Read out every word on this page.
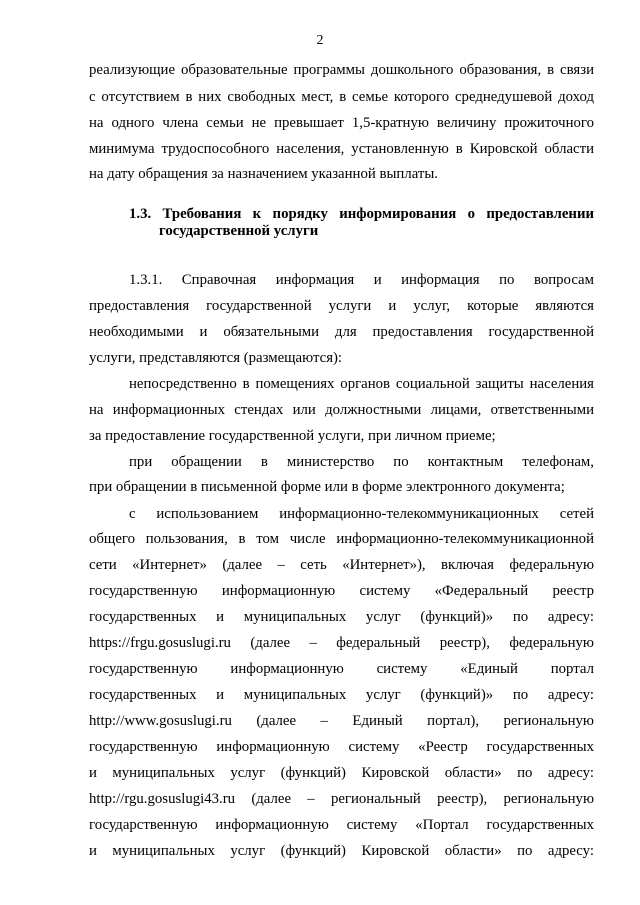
2
реализующие образовательные программы дошкольного образования, в связи
с отсутствием в них свободных мест, в семье которого среднедушевой доход
на одного члена семьи не превышает 1,5-кратную величину прожиточного
минимума трудоспособного населения, установленную в Кировской области
на дату обращения за назначением указанной выплаты.
1.3. Требования к порядку информирования о предоставлении
государственной услуги
1.3.1. Справочная информация и информация по вопросам
предоставления государственной услуги и услуг, которые являются
необходимыми и обязательными для предоставления государственной
услуги, представляются (размещаются):
непосредственно в помещениях органов социальной защиты населения
на информационных стендах или должностными лицами, ответственными
за предоставление государственной услуги, при личном приеме;
при обращении в министерство по контактным телефонам,
при обращении в письменной форме или в форме электронного документа;
с использованием информационно-телекоммуникационных сетей
общего пользования, в том числе информационно-телекоммуникационной
сети «Интернет» (далее – сеть «Интернет»), включая федеральную
государственную информационную систему «Федеральный реестр
государственных и муниципальных услуг (функций)» по адресу:
https://frgu.gosuslugi.ru (далее – федеральный реестр), федеральную
государственную информационную систему «Единый портал
государственных и муниципальных услуг (функций)» по адресу:
http://www.gosuslugi.ru (далее – Единый портал), региональную
государственную информационную систему «Реестр государственных
и муниципальных услуг (функций) Кировской области» по адресу:
http://rgu.gosuslugi43.ru (далее – региональный реестр), региональную
государственную информационную систему «Портал государственных
и муниципальных услуг (функций) Кировской области» по адресу:
